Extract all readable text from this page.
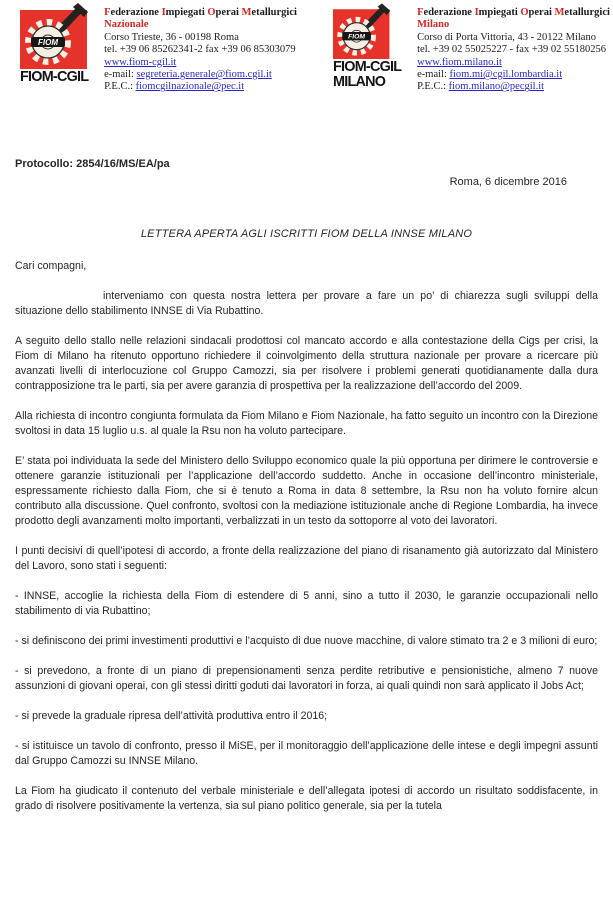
FIOM
FIOM-CGIL
Federazione Impiegati Operai Metallurgici
Nazionale
Corso Trieste, 36 - 00198 Roma
tel. +39 06 85262341-2 fax +39 06 85303079
www.fiom-cgil.it
e-mail: segreteria.generale@fiom.cgil.it
P.E.C.: fiomcgilnazionale@pec.it
FIOM
FIOM-CGIL
MILANO
Federazione Impiegati Operai Metallurgici
Milano
Corso di Porta Vittoria, 43 - 20122 Milano
tel. +39 02 55025227 - fax +39 02 55180256
www.fiom.milano.it
e-mail: fiom.mi@cgil.lombardia.it
P.E.C.: fiom.milano@pecgil.it
Protocollo: 2854/16/MS/EA/pa
Roma, 6 dicembre 2016
LETTERA APERTA AGLI ISCRITTI FIOM DELLA INNSE MILANO
Cari compagni,

interveniamo con questa nostra lettera per provare a fare un po’ di chiarezza sugli sviluppi della situazione dello stabilimento INNSE di Via Rubattino.

A seguito dello stallo nelle relazioni sindacali prodottosi col mancato accordo e alla contestazione della Cigs per crisi, la Fiom di Milano ha ritenuto opportuno richiedere il coinvolgimento della struttura nazionale per provare a ricercare più avanzati livelli di interlocuzione col Gruppo Camozzi, sia per risolvere i problemi generati quotidianamente dalla dura contrapposizione tra le parti, sia per avere garanzia di prospettiva per la realizzazione dell’accordo del 2009.

Alla richiesta di incontro congiunta formulata da Fiom Milano e Fiom Nazionale, ha fatto seguito un incontro con la Direzione svoltosi in data 15 luglio u.s. al quale la Rsu non ha voluto partecipare.

E’ stata poi individuata la sede del Ministero dello Sviluppo economico quale la più opportuna per dirimere le controversie e ottenere garanzie istituzionali per l’applicazione dell’accordo suddetto. Anche in occasione dell’incontro ministeriale, espressamente richiesto dalla Fiom, che si è tenuto a Roma in data 8 settembre, la Rsu non ha voluto fornire alcun contributo alla discussione. Quel confronto, svoltosi con la mediazione istituzionale anche di Regione Lombardia, ha invece prodotto degli avanzamenti molto importanti, verbalizzati in un testo da sottoporre al voto dei lavoratori.

I punti decisivi di quell’ipotesi di accordo, a fronte della realizzazione del piano di risanamento già autorizzato dal Ministero del Lavoro, sono stati i seguenti:

- INNSE, accoglie la richiesta della Fiom di estendere di 5 anni, sino a tutto il 2030, le garanzie occupazionali nello stabilimento di via Rubattino;

- si definiscono dei primi investimenti produttivi e l’acquisto di due nuove macchine, di valore stimato tra 2 e 3 milioni di euro;

- si prevedono, a fronte di un piano di prepensionamenti senza perdite retributive e pensionistiche, almeno 7 nuove assunzioni di giovani operai, con gli stessi diritti goduti dai lavoratori in forza, ai quali quindi non sarà applicato il Jobs Act;

- si prevede la graduale ripresa dell’attività produttiva entro il 2016;

- si istituisce un tavolo di confronto, presso il MiSE, per il monitoraggio dell’applicazione delle intese e degli impegni assunti dal Gruppo Camozzi su INNSE Milano.

La Fiom ha giudicato il contenuto del verbale ministeriale e dell’allegata ipotesi di accordo un risultato soddisfacente, in grado di risolvere positivamente la vertenza, sia sul piano politico generale, sia per la tutela
